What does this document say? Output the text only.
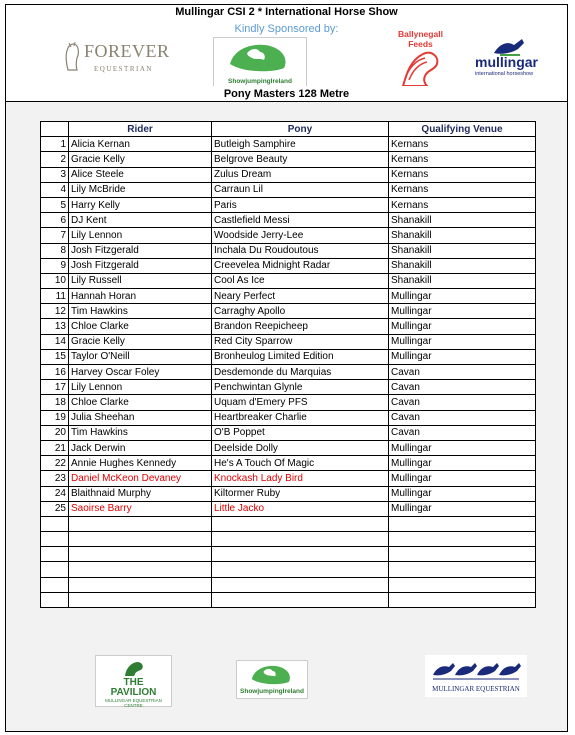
Mullingar CSI 2 * International Horse Show
Kindly Sponsored by:
FOREVER
EQUESTRIAN
ShowjumpingIreland
Ballynegall
Feeds
mullingar
international horseshow
Pony Masters 128 Metre
	Rider	Pony	Qualifying Venue
1	Alicia Kernan	Butleigh Samphire	Kernans
2	Gracie Kelly	Belgrove Beauty	Kernans
3	Alice Steele	Zulus Dream	Kernans
4	Lily McBride	Carraun Lil	Kernans
5	Harry Kelly	Paris	Kernans
6	DJ Kent	Castlefield Messi	Shanakill
7	Lily Lennon	Woodside Jerry-Lee	Shanakill
8	Josh Fitzgerald	Inchala Du Roudoutous	Shanakill
9	Josh Fitzgerald	Creevelea Midnight Radar	Shanakill
10	Lily Russell	Cool As Ice	Shanakill
11	Hannah Horan	Neary Perfect	Mullingar
12	Tim Hawkins	Carraghy Apollo	Mullingar
13	Chloe Clarke	Brandon Reepicheep	Mullingar
14	Gracie Kelly	Red City Sparrow	Mullingar
15	Taylor O'Neill	Bronheulog Limited Edition	Mullingar
16	Harvey Oscar Foley	Desdemonde du Marquias	Cavan
17	Lily Lennon	Penchwintan Glynle	Cavan
18	Chloe Clarke	Uquam d'Emery PFS	Cavan
19	Julia Sheehan	Heartbreaker Charlie	Cavan
20	Tim Hawkins	O'B Poppet	Cavan
21	Jack Derwin	Deelside Dolly	Mullingar
22	Annie Hughes Kennedy	He's A Touch Of Magic	Mullingar
23	Daniel McKeon Devaney	Knockash Lady Bird	Mullingar
24	Blaithnaid Murphy	Kiltormer Ruby	Mullingar
25	Saoirse Barry	Little Jacko	Mullingar

THE
PAVILION
MULLINGAR EQUESTRIAN CENTRE
ShowjumpingIreland	MULLINGAR EQUESTRIAN
